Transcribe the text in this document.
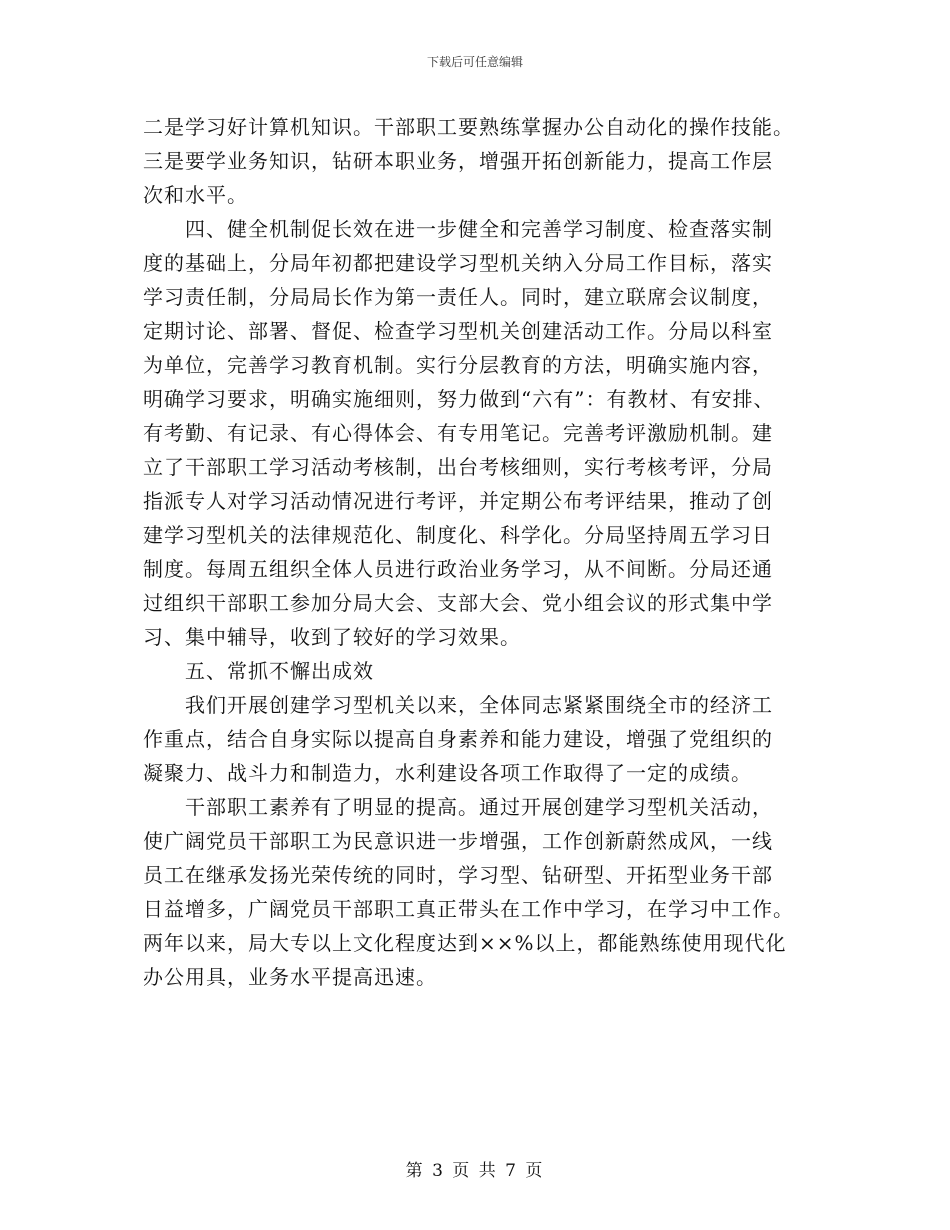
下载后可任意编辑
二是学习好计算机知识。干部职工要熟练掌握办公自动化的操作技能。
三是要学业务知识，钻研本职业务，增强开拓创新能力，提高工作层
次和水平。
四、健全机制促长效在进一步健全和完善学习制度、检查落实制
度的基础上，分局年初都把建设学习型机关纳入分局工作目标，落实
学习责任制，分局局长作为第一责任人。同时，建立联席会议制度，
定期讨论、部署、督促、检查学习型机关创建活动工作。分局以科室
为单位，完善学习教育机制。实行分层教育的方法，明确实施内容，
明确学习要求，明确实施细则，努力做到“六有”：有教材、有安排、
有考勤、有记录、有心得体会、有专用笔记。完善考评激励机制。建
立了干部职工学习活动考核制，出台考核细则，实行考核考评，分局
指派专人对学习活动情况进行考评，并定期公布考评结果，推动了创
建学习型机关的法律规范化、制度化、科学化。分局坚持周五学习日
制度。每周五组织全体人员进行政治业务学习，从不间断。分局还通
过组织干部职工参加分局大会、支部大会、党小组会议的形式集中学
习、集中辅导，收到了较好的学习效果。
五、常抓不懈出成效
我们开展创建学习型机关以来，全体同志紧紧围绕全市的经济工
作重点，结合自身实际以提高自身素养和能力建设，增强了党组织的
凝聚力、战斗力和制造力，水利建设各项工作取得了一定的成绩。
干部职工素养有了明显的提高。通过开展创建学习型机关活动，
使广阔党员干部职工为民意识进一步增强，工作创新蔚然成风，一线
员工在继承发扬光荣传统的同时，学习型、钻研型、开拓型业务干部
日益增多，广阔党员干部职工真正带头在工作中学习，在学习中工作。
两年以来，局大专以上文化程度达到××%以上，都能熟练使用现代化
办公用具，业务水平提高迅速。
第 3 页 共 7 页
